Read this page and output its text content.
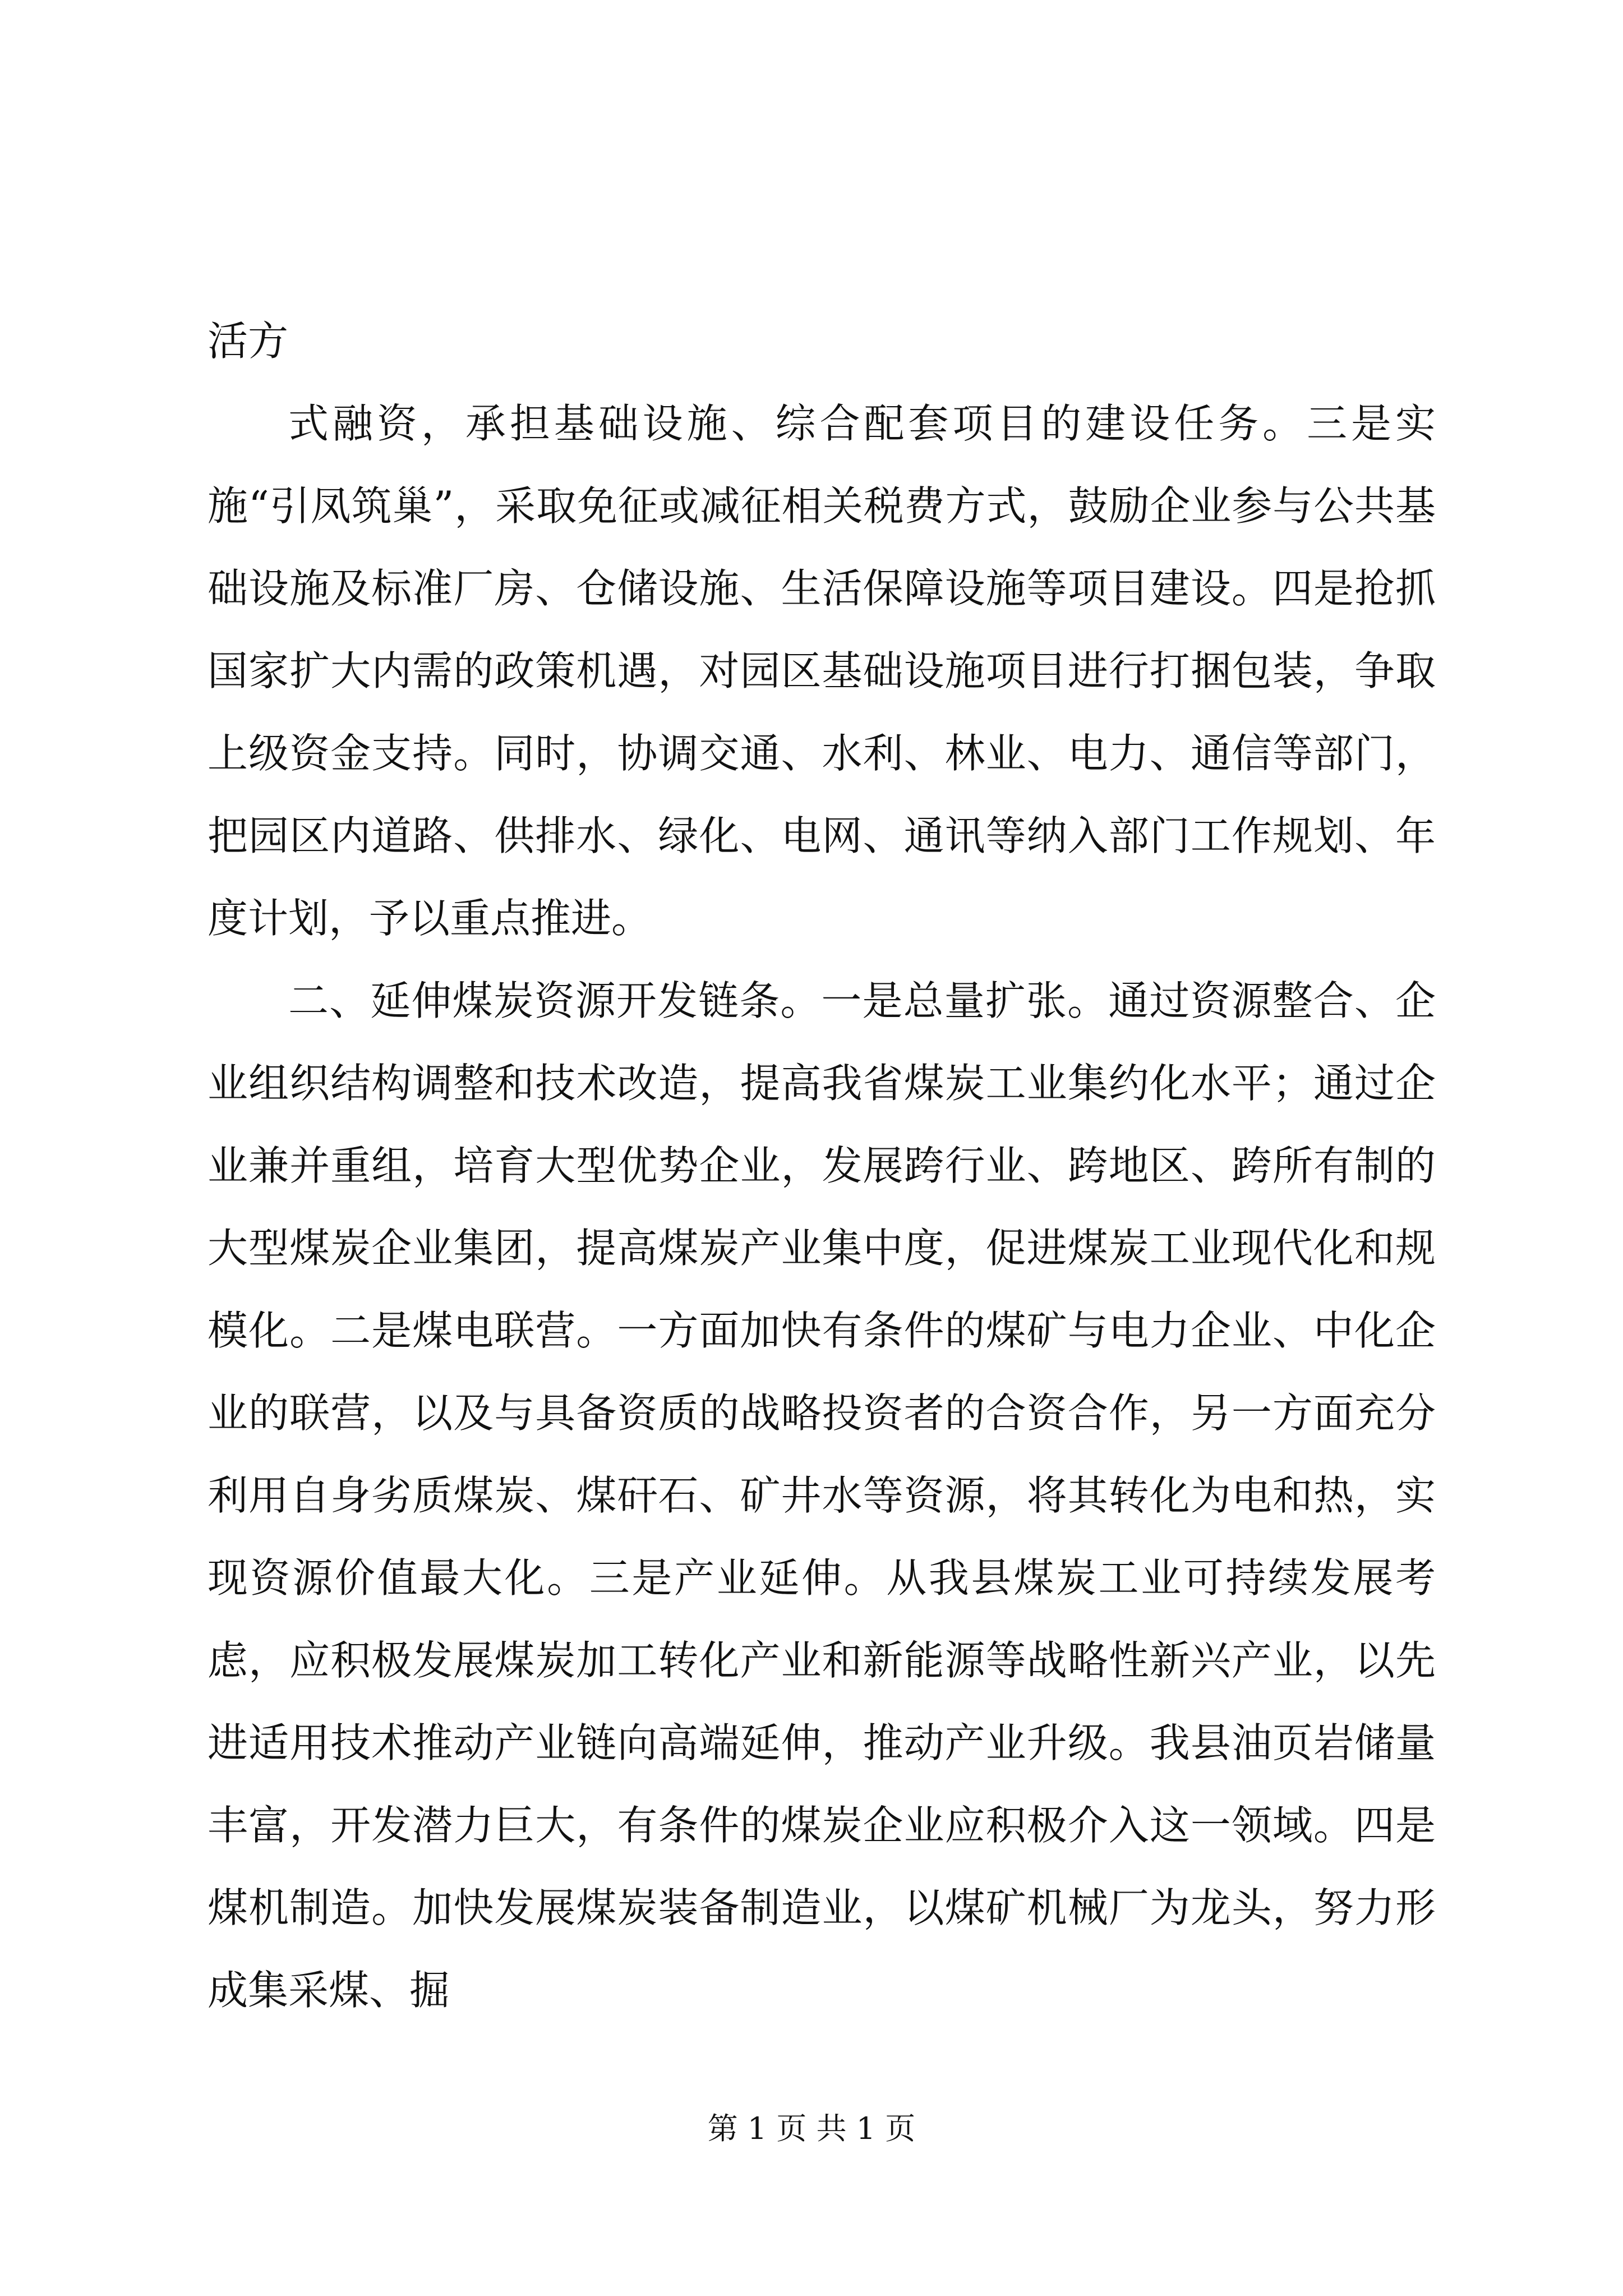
活方

式融资，承担基础设施、综合配套项目的建设任务。三是实施“引凤筑巢”，采取免征或减征相关税费方式，鼓励企业参与公共基础设施及标准厂房、仓储设施、生活保障设施等项目建设。四是抢抓国家扩大内需的政策机遇，对园区基础设施项目进行打捆包装，争取上级资金支持。同时，协调交通、水利、林业、电力、通信等部门，把园区内道路、供排水、绿化、电网、通讯等纳入部门工作规划、年度计划，予以重点推进。

二、延伸煤炭资源开发链条。一是总量扩张。通过资源整合、企业组织结构调整和技术改造，提高我省煤炭工业集约化水平；通过企业兼并重组，培育大型优势企业，发展跨行业、跨地区、跨所有制的大型煤炭企业集团，提高煤炭产业集中度，促进煤炭工业现代化和规模化。二是煤电联营。一方面加快有条件的煤矿与电力企业、中化企业的联营，以及与具备资质的战略投资者的合资合作，另一方面充分利用自身劣质煤炭、煤矸石、矿井水等资源，将其转化为电和热，实现资源价值最大化。三是产业延伸。从我县煤炭工业可持续发展考虑，应积极发展煤炭加工转化产业和新能源等战略性新兴产业，以先进适用技术推动产业链向高端延伸，推动产业升级。我县油页岩储量丰富，开发潜力巨大，有条件的煤炭企业应积极介入这一领域。四是煤机制造。加快发展煤炭装备制造业，以煤矿机械厂为龙头，努力形成集采煤、掘

第 1 页 共 1 页
